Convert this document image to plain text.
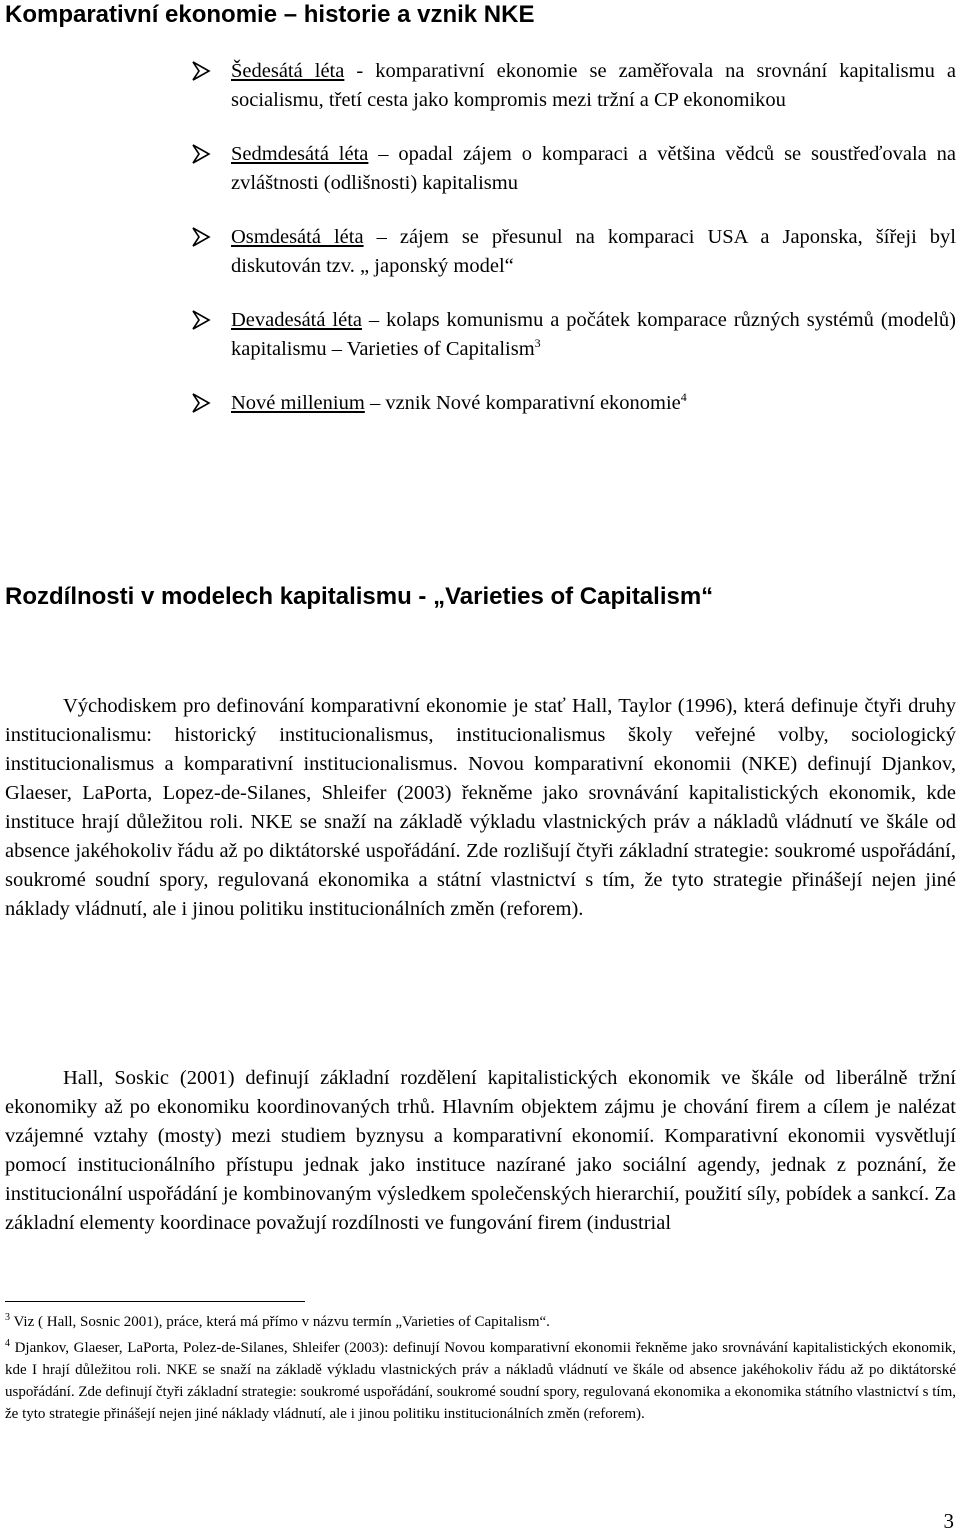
Komparativní ekonomie – historie a vznik NKE
Šedesátá léta - komparativní ekonomie se zaměřovala na srovnání kapitalismu a socialismu, třetí cesta jako kompromis mezi tržní a CP ekonomikou
Sedmdesátá léta – opadal zájem o komparaci a většina vědců se soustřeďovala na zvláštnosti (odlišnosti) kapitalismu
Osmdesátá léta – zájem se přesunul na komparaci USA a Japonska, šířeji byl diskutován tzv. „ japonský model“
Devadesátá léta – kolaps komunismu a počátek komparace různých systémů (modelů) kapitalismu – Varieties of Capitalism$^3$
Nové millenium – vznik Nové komparativní ekonomie$^4$
Rozdílnosti v modelech kapitalismu - „Varieties of Capitalism“

Východiskem pro definování komparativní ekonomie je stať Hall, Taylor (1996), která definuje čtyři druhy institucionalismu: historický institucionalismus, institucionalismus školy veřejné volby, sociologický institucionalismus a komparativní institucionalismus. Novou komparativní ekonomii (NKE) definují Djankov, Glaeser, LaPorta, Lopez-de-Silanes, Shleifer (2003) řekněme jako srovnávání kapitalistických ekonomik, kde instituce hrají důležitou roli. NKE se snaží na základě výkladu vlastnických práv a nákladů vládnutí ve škále od absence jakéhokoliv řádu až po diktátorské uspořádání. Zde rozlišují čtyři základní strategie: soukromé uspořádání, soukromé soudní spory, regulovaná ekonomika a státní vlastnictví s tím, že tyto strategie přinášejí nejen jiné náklady vládnutí, ale i jinou politiku institucionálních změn (reforem).

Hall, Soskic (2001) definují základní rozdělení kapitalistických ekonomik ve škále od liberálně tržní ekonomiky až po ekonomiku koordinovaných trhů. Hlavním objektem zájmu je chování firem a cílem je nalézat vzájemné vztahy (mosty) mezi studiem byznysu a komparativní ekonomií. Komparativní ekonomii vysvětlují pomocí institucionálního přístupu jednak jako instituce nazírané jako sociální agendy, jednak z poznání, že institucionální uspořádání je kombinovaným výsledkem společenských hierarchií, použití síly, pobídek a sankcí. Za základní elementy koordinace považují rozdílnosti ve fungování firem (industrial

$^3$ Viz ( Hall, Sosnic 2001), práce, která má přímo v názvu termín „Varieties of Capitalism“.

$^4$ Djankov, Glaeser, LaPorta, Polez-de-Silanes, Shleifer (2003): definují Novou komparativní ekonomii řekněme jako srovnávání kapitalistických ekonomik, kde I hrají důležitou roli. NKE se snaží na základě výkladu vlastnických práv a nákladů vládnutí ve škále od absence jakéhokoliv řádu až po diktátorské uspořádání. Zde definují čtyři základní strategie: soukromé uspořádání, soukromé soudní spory, regulovaná ekonomika a ekonomika státního vlastnictví s tím, že tyto strategie přinášejí nejen jiné náklady vládnutí, ale i jinou politiku institucionálních změn (reforem).

3
